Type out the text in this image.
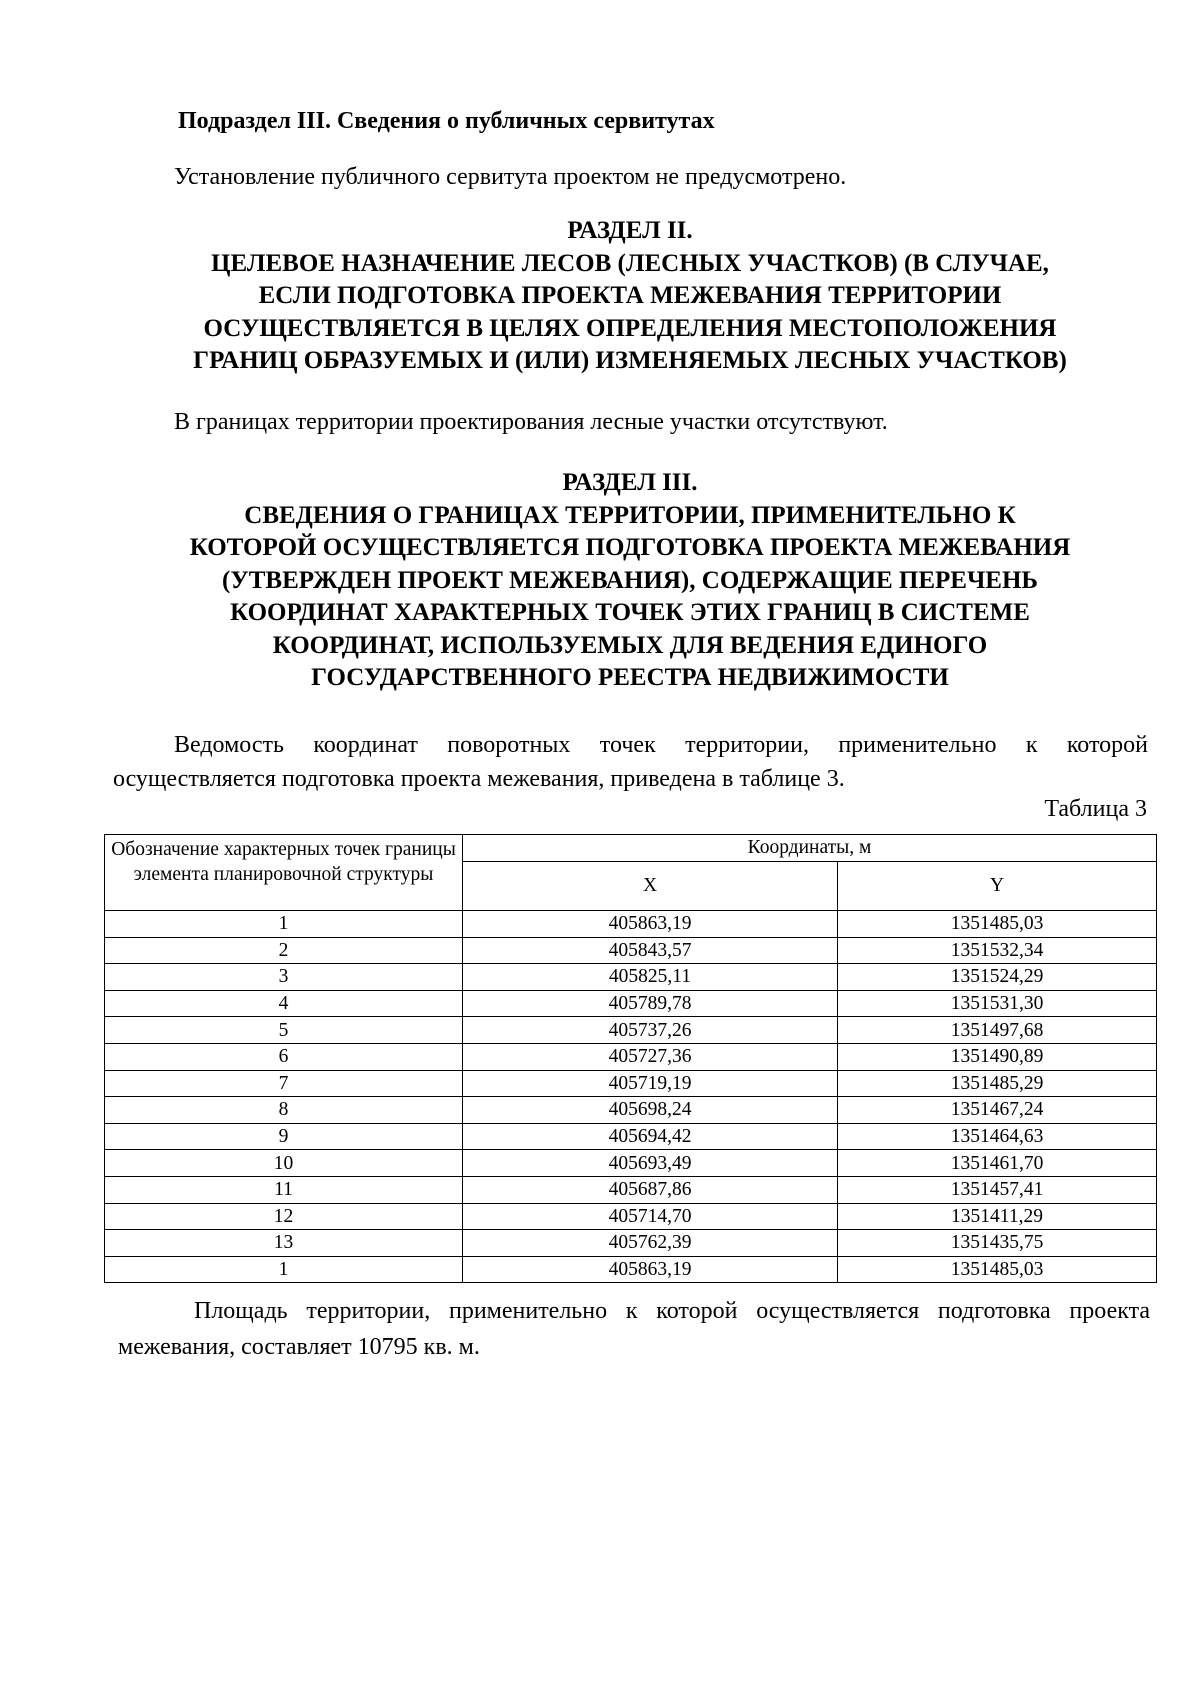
Подраздел III. Сведения о публичных сервитутах
Установление публичного сервитута проектом не предусмотрено.
РАЗДЕЛ II.
ЦЕЛЕВОЕ НАЗНАЧЕНИЕ ЛЕСОВ (ЛЕСНЫХ УЧАСТКОВ) (В СЛУЧАЕ,
ЕСЛИ ПОДГОТОВКА ПРОЕКТА МЕЖЕВАНИЯ ТЕРРИТОРИИ
ОСУЩЕСТВЛЯЕТСЯ В ЦЕЛЯХ ОПРЕДЕЛЕНИЯ МЕСТОПОЛОЖЕНИЯ
ГРАНИЦ ОБРАЗУЕМЫХ И (ИЛИ) ИЗМЕНЯЕМЫХ ЛЕСНЫХ УЧАСТКОВ)
В границах территории проектирования лесные участки отсутствуют.
РАЗДЕЛ III.
СВЕДЕНИЯ О ГРАНИЦАХ ТЕРРИТОРИИ, ПРИМЕНИТЕЛЬНО К
КОТОРОЙ ОСУЩЕСТВЛЯЕТСЯ ПОДГОТОВКА ПРОЕКТА МЕЖЕВАНИЯ
(УТВЕРЖДЕН ПРОЕКТ МЕЖЕВАНИЯ), СОДЕРЖАЩИЕ ПЕРЕЧЕНЬ
КООРДИНАТ ХАРАКТЕРНЫХ ТОЧЕК ЭТИХ ГРАНИЦ В СИСТЕМЕ
КООРДИНАТ, ИСПОЛЬЗУЕМЫХ ДЛЯ ВЕДЕНИЯ ЕДИНОГО
ГОСУДАРСТВЕННОГО РЕЕСТРА НЕДВИЖИМОСТИ
Ведомость координат поворотных точек территории, применительно к которой осуществляется подготовка проекта межевания, приведена в таблице 3.
Таблица 3
Обозначение характерных точек границы элемента планировочной структуры	Координаты, м	
	X	Y
1	405863,19	1351485,03
2	405843,57	1351532,34
3	405825,11	1351524,29
4	405789,78	1351531,30
5	405737,26	1351497,68
6	405727,36	1351490,89
7	405719,19	1351485,29
8	405698,24	1351467,24
9	405694,42	1351464,63
10	405693,49	1351461,70
11	405687,86	1351457,41
12	405714,70	1351411,29
13	405762,39	1351435,75
1	405863,19	1351485,03
Площадь территории, применительно к которой осуществляется подготовка проекта межевания, составляет 10795 кв. м.
